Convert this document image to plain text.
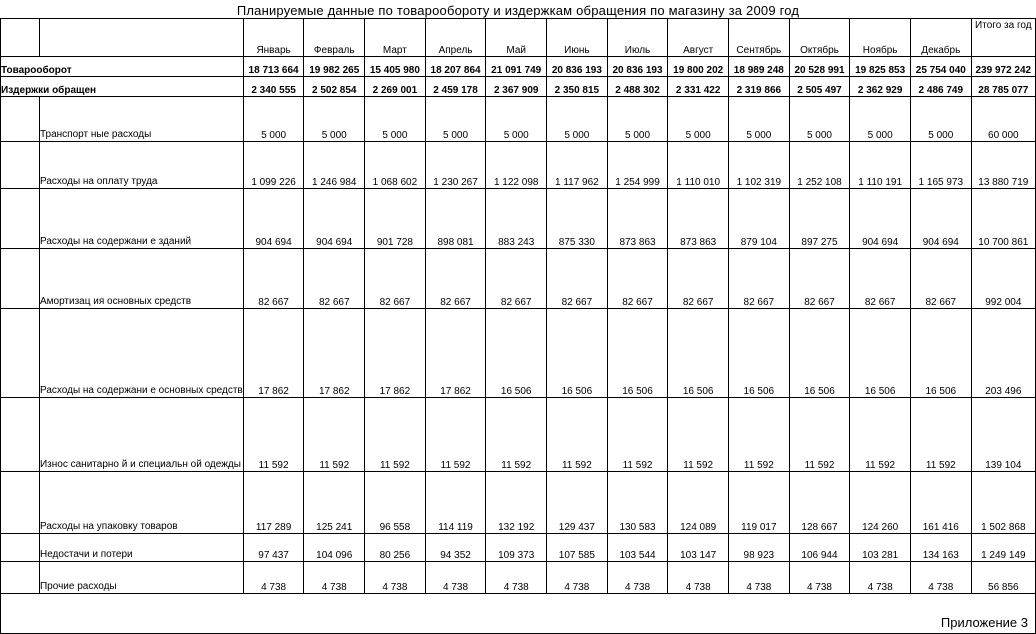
Планируемые данные по товарообороту и издержкам обращения по магазину за 2009 год
		Январь	Февраль	Март	Апрель	Май	Июнь	Июль	Август	Сентябрь	Октябрь	Ноябрь	Декабрь	Итого за год
Товарооборот		18 713 664	19 982 265	15 405 980	18 207 864	21 091 749	20 836 193	20 836 193	19 800 202	18 989 248	20 528 991	19 825 853	25 754 040	239 972 242
Издержки обращен		2 340 555	2 502 854	2 269 001	2 459 178	2 367 909	2 350 815	2 488 302	2 331 422	2 319 866	2 505 497	2 362 929	2 486 749	28 785 077
	Транспорт ные расходы	5 000	5 000	5 000	5 000	5 000	5 000	5 000	5 000	5 000	5 000	5 000	5 000	60 000
	Расходы на оплату труда	1 099 226	1 246 984	1 068 602	1 230 267	1 122 098	1 117 962	1 254 999	1 110 010	1 102 319	1 252 108	1 110 191	1 165 973	13 880 719
	Расходы на содержани е зданий	904 694	904 694	901 728	898 081	883 243	875 330	873 863	873 863	879 104	897 275	904 694	904 694	10 700 861
	Амортизац ия основных средств	82 667	82 667	82 667	82 667	82 667	82 667	82 667	82 667	82 667	82 667	82 667	82 667	992 004
	Расходы на содержани е основных средств	17 862	17 862	17 862	17 862	16 506	16 506	16 506	16 506	16 506	16 506	16 506	16 506	203 496
	Износ санитарно й и специальн ой одежды	11 592	11 592	11 592	11 592	11 592	11 592	11 592	11 592	11 592	11 592	11 592	11 592	139 104
	Расходы на упаковку товаров	117 289	125 241	96 558	114 119	132 192	129 437	130 583	124 089	119 017	128 667	124 260	161 416	1 502 868
	Недостачи и потери	97 437	104 096	80 256	94 352	109 373	107 585	103 544	103 147	98 923	106 944	103 281	134 163	1 249 149
	Прочие расходы	4 738	4 738	4 738	4 738	4 738	4 738	4 738	4 738	4 738	4 738	4 738	4 738	56 856

Приложение 3
